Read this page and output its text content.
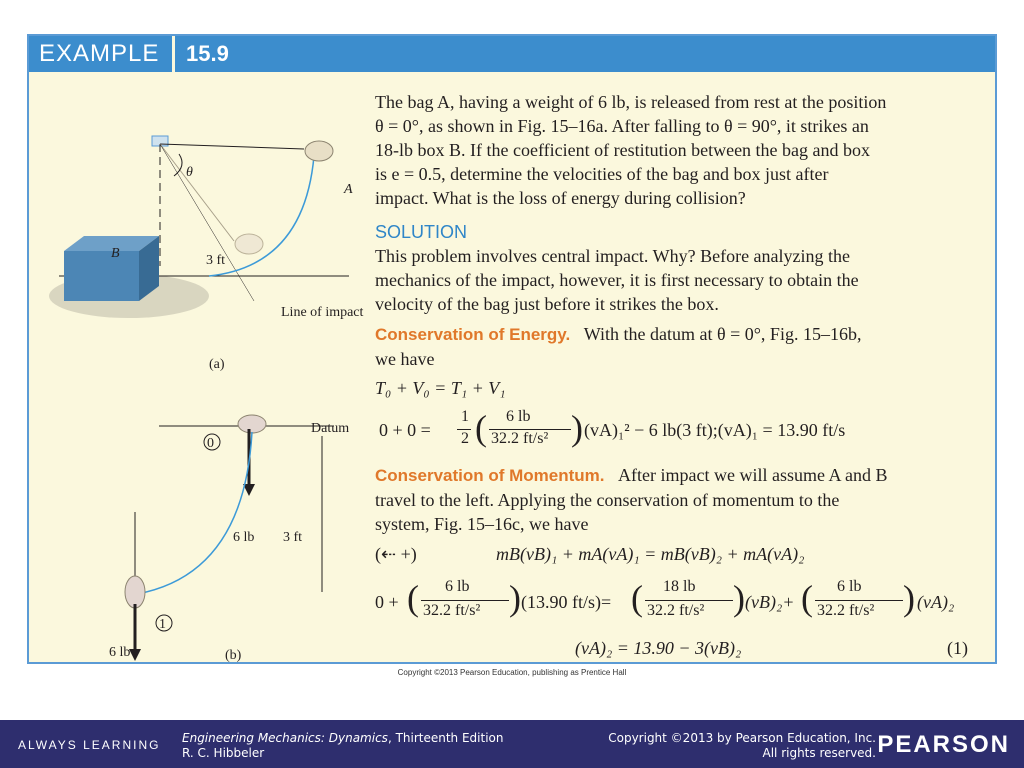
EXAMPLE 15.9
B
θ
A
3 ft
Line of impact
(a)
0
Datum
3 ft
6 lb
1
6 lb	(b)
The bag A, having a weight of 6 lb, is released from rest at the position
θ = 0°, as shown in Fig. 15–16a. After falling to θ = 90°, it strikes an
18-lb box B. If the coefficient of restitution between the bag and box
is e = 0.5, determine the velocities of the bag and box just after
impact. What is the loss of energy during collision?
SOLUTION
This problem involves central impact. Why? Before analyzing the
mechanics of the impact, however, it is first necessary to obtain the
velocity of the bag just before it strikes the box.
Conservation of Energy. With the datum at θ = 0°, Fig. 15–16b,
we have
T₀ + V₀ = T₁ + V₁
0 + 0 =
1
2 ( 6 lb
32.2 ft/s² ) (vA)₁² − 6 lb(3 ft);(vA)₁ = 13.90 ft/s
Conservation of Momentum. After impact we will assume A and B
travel to the left. Applying the conservation of momentum to the
system, Fig. 15–16c, we have
(⇠ +)	mB(vB)₁ + mA(vA)₁ = mB(vB)₂ + mA(vA)₂
0 + ( 6 lb
32.2 ft/s² ) (13.90 ft/s)= ( 18 lb
32.2 ft/s² ) (vB)₂+ ( 6 lb
32.2 ft/s² ) (vA)₂
(vA)₂ = 13.90 − 3(vB)₂	(1)
Copyright ©2013 Pearson Education, publishing as Prentice Hall
ALWAYS LEARNING Engineering Mechanics: Dynamics, Thirteenth Edition
R. C. Hibbeler
Copyright ©2013 by Pearson Education, Inc.
All rights reserved. PEARSON
